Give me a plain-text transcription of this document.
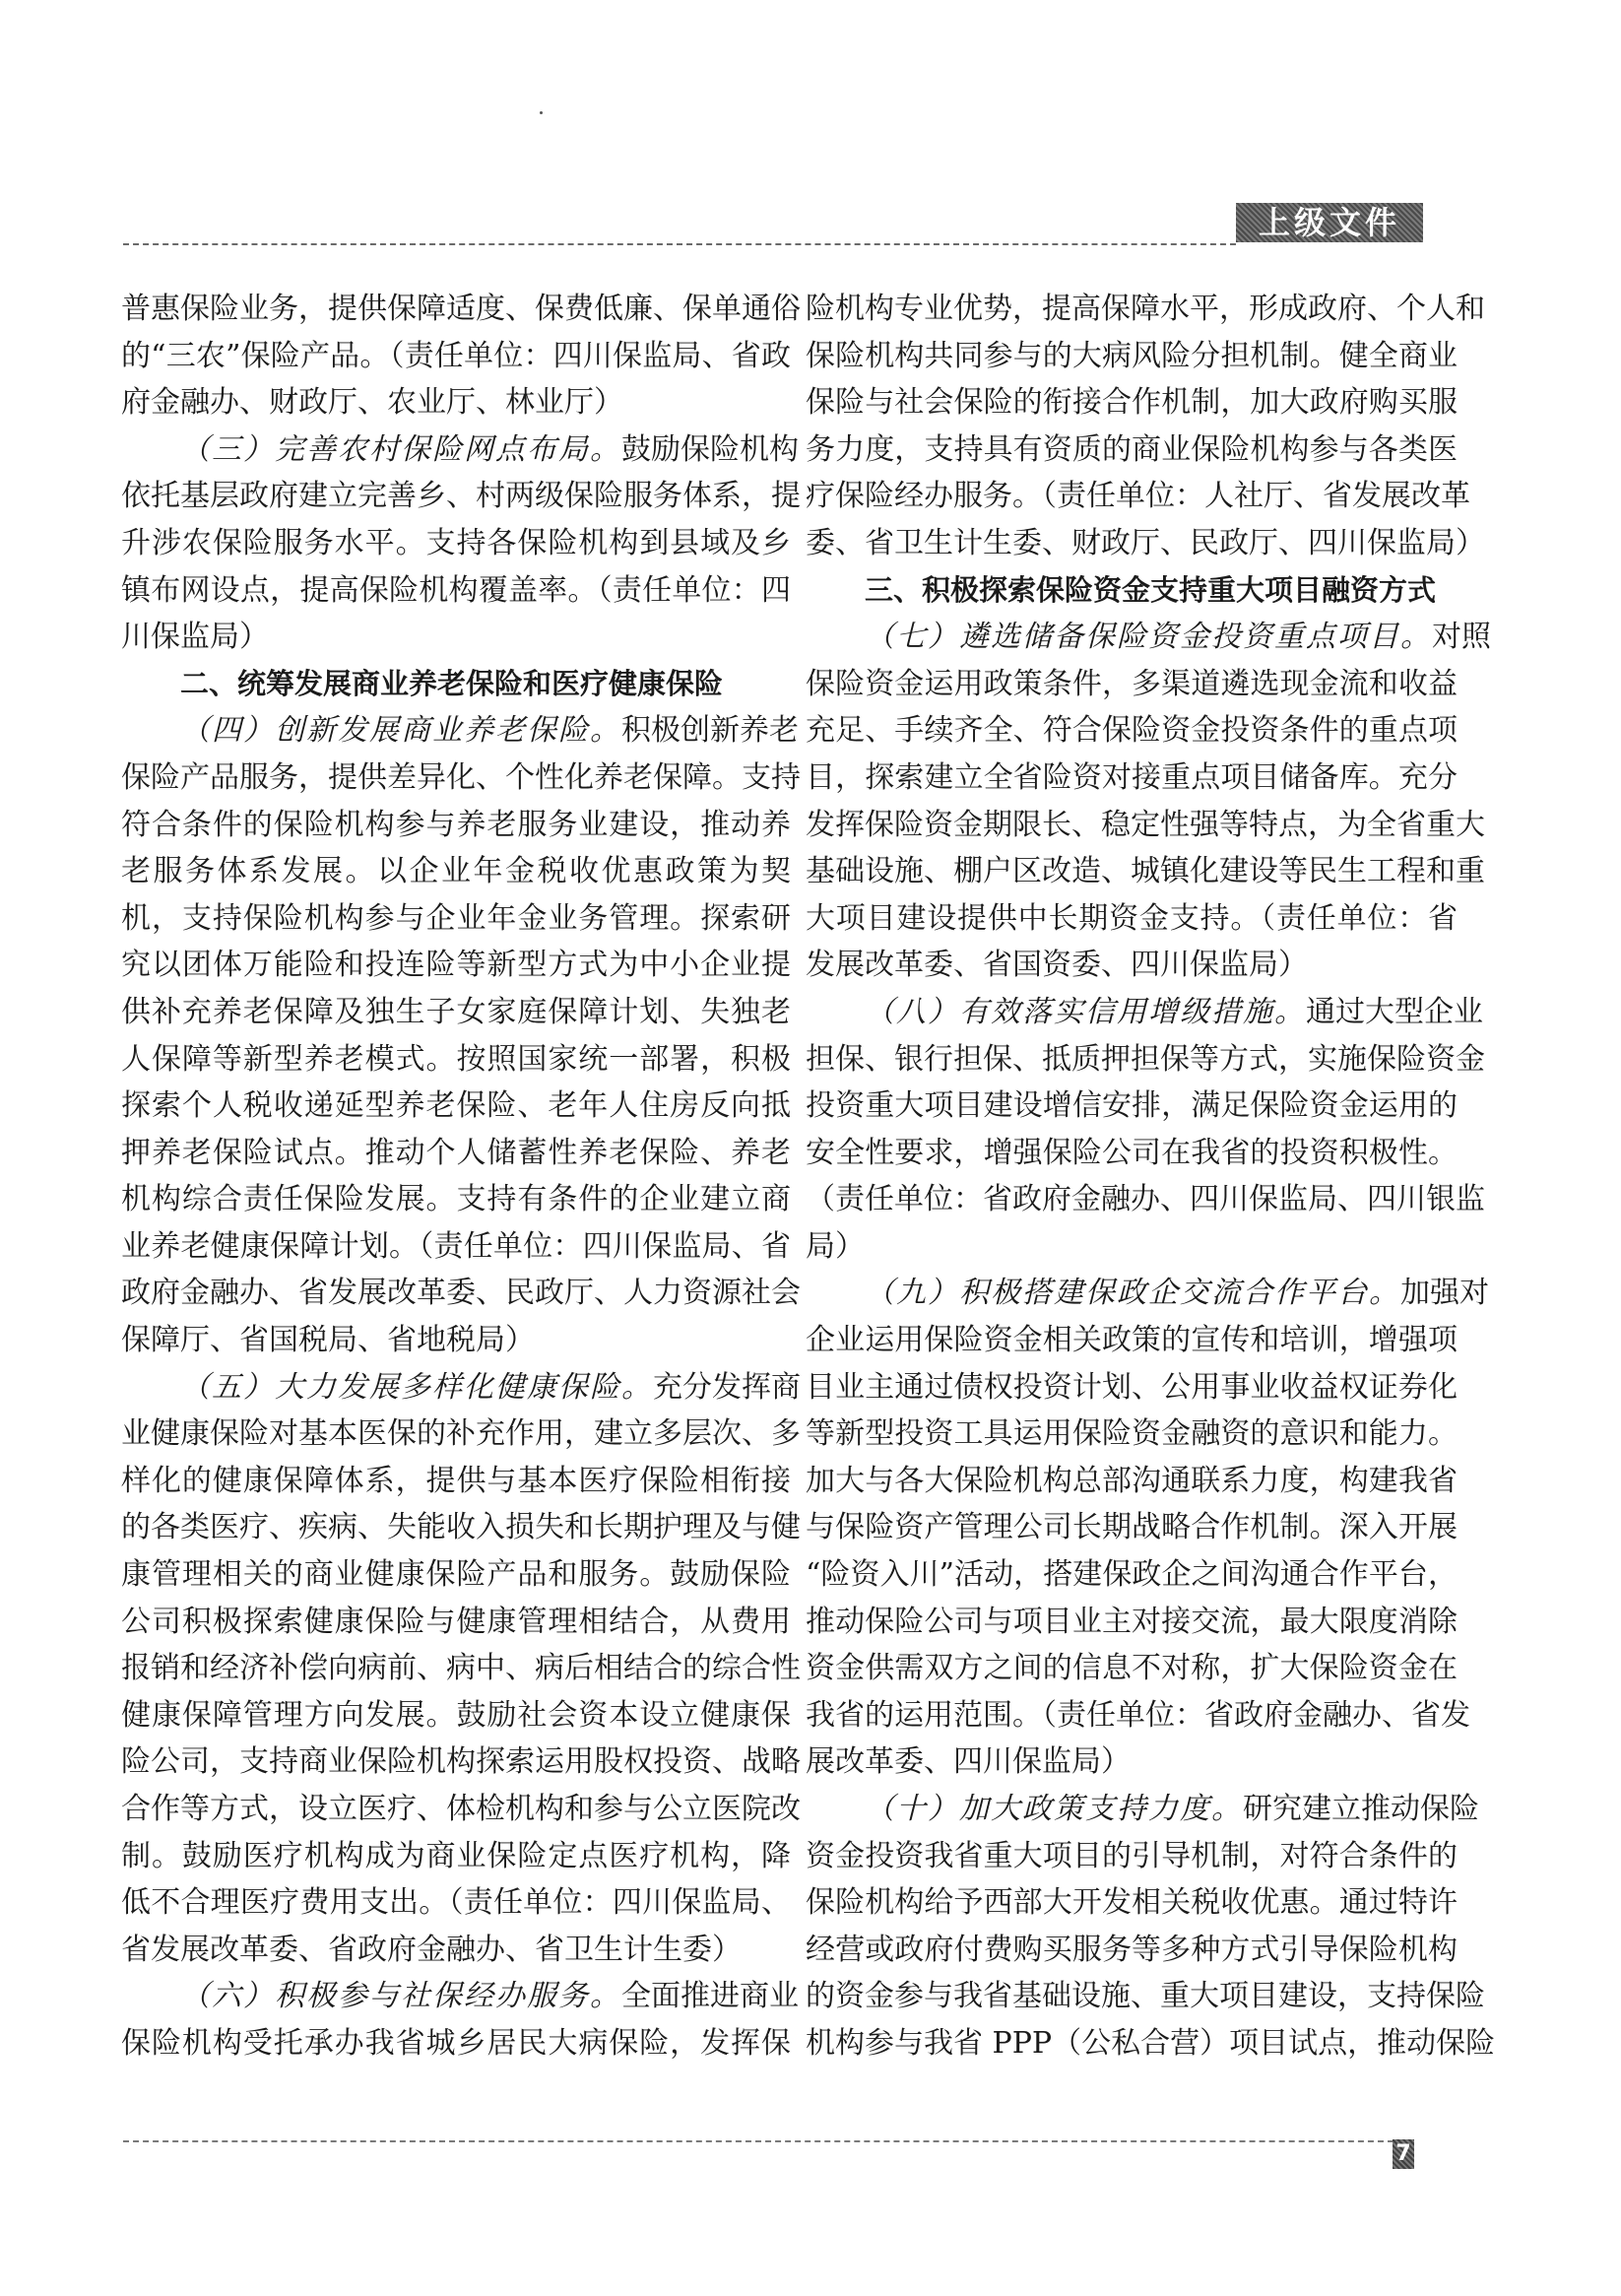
上级文件
普惠保险业务，提供保障适度、保费低廉、保单通俗
的“三农”保险产品。（责任单位：四川保监局、省政
府金融办、财政厅、农业厅、林业厅）
（三）完善农村保险网点布局。鼓励保险机构
依托基层政府建立完善乡、村两级保险服务体系，提
升涉农保险服务水平。支持各保险机构到县域及乡
镇布网设点，提高保险机构覆盖率。（责任单位：四
川保监局）
二、统筹发展商业养老保险和医疗健康保险
（四）创新发展商业养老保险。积极创新养老
保险产品服务，提供差异化、个性化养老保障。支持
符合条件的保险机构参与养老服务业建设，推动养
老服务体系发展。以企业年金税收优惠政策为契
机，支持保险机构参与企业年金业务管理。探索研
究以团体万能险和投连险等新型方式为中小企业提
供补充养老保障及独生子女家庭保障计划、失独老
人保障等新型养老模式。按照国家统一部署，积极
探索个人税收递延型养老保险、老年人住房反向抵
押养老保险试点。推动个人储蓄性养老保险、养老
机构综合责任保险发展。支持有条件的企业建立商
业养老健康保障计划。（责任单位：四川保监局、省
政府金融办、省发展改革委、民政厅、人力资源社会
保障厅、省国税局、省地税局）
（五）大力发展多样化健康保险。充分发挥商
业健康保险对基本医保的补充作用，建立多层次、多
样化的健康保障体系，提供与基本医疗保险相衔接
的各类医疗、疾病、失能收入损失和长期护理及与健
康管理相关的商业健康保险产品和服务。鼓励保险
公司积极探索健康保险与健康管理相结合，从费用
报销和经济补偿向病前、病中、病后相结合的综合性
健康保障管理方向发展。鼓励社会资本设立健康保
险公司，支持商业保险机构探索运用股权投资、战略
合作等方式，设立医疗、体检机构和参与公立医院改
制。鼓励医疗机构成为商业保险定点医疗机构，降
低不合理医疗费用支出。（责任单位：四川保监局、
省发展改革委、省政府金融办、省卫生计生委）
（六）积极参与社保经办服务。全面推进商业
保险机构受托承办我省城乡居民大病保险，发挥保
险机构专业优势，提高保障水平，形成政府、个人和
保险机构共同参与的大病风险分担机制。健全商业
保险与社会保险的衔接合作机制，加大政府购买服
务力度，支持具有资质的商业保险机构参与各类医
疗保险经办服务。（责任单位：人社厅、省发展改革
委、省卫生计生委、财政厅、民政厅、四川保监局）
三、积极探索保险资金支持重大项目融资方式
（七）遴选储备保险资金投资重点项目。对照
保险资金运用政策条件，多渠道遴选现金流和收益
充足、手续齐全、符合保险资金投资条件的重点项
目，探索建立全省险资对接重点项目储备库。充分
发挥保险资金期限长、稳定性强等特点，为全省重大
基础设施、棚户区改造、城镇化建设等民生工程和重
大项目建设提供中长期资金支持。（责任单位：省
发展改革委、省国资委、四川保监局）
（八）有效落实信用增级措施。通过大型企业
担保、银行担保、抵质押担保等方式，实施保险资金
投资重大项目建设增信安排，满足保险资金运用的
安全性要求，增强保险公司在我省的投资积极性。
（责任单位：省政府金融办、四川保监局、四川银监
局）
（九）积极搭建保政企交流合作平台。加强对
企业运用保险资金相关政策的宣传和培训，增强项
目业主通过债权投资计划、公用事业收益权证券化
等新型投资工具运用保险资金融资的意识和能力。
加大与各大保险机构总部沟通联系力度，构建我省
与保险资产管理公司长期战略合作机制。深入开展
“险资入川”活动，搭建保政企之间沟通合作平台，
推动保险公司与项目业主对接交流，最大限度消除
资金供需双方之间的信息不对称，扩大保险资金在
我省的运用范围。（责任单位：省政府金融办、省发
展改革委、四川保监局）
（十）加大政策支持力度。研究建立推动保险
资金投资我省重大项目的引导机制，对符合条件的
保险机构给予西部大开发相关税收优惠。通过特许
经营或政府付费购买服务等多种方式引导保险机构
的资金参与我省基础设施、重大项目建设，支持保险
机构参与我省 PPP（公私合营）项目试点，推动保险
7
